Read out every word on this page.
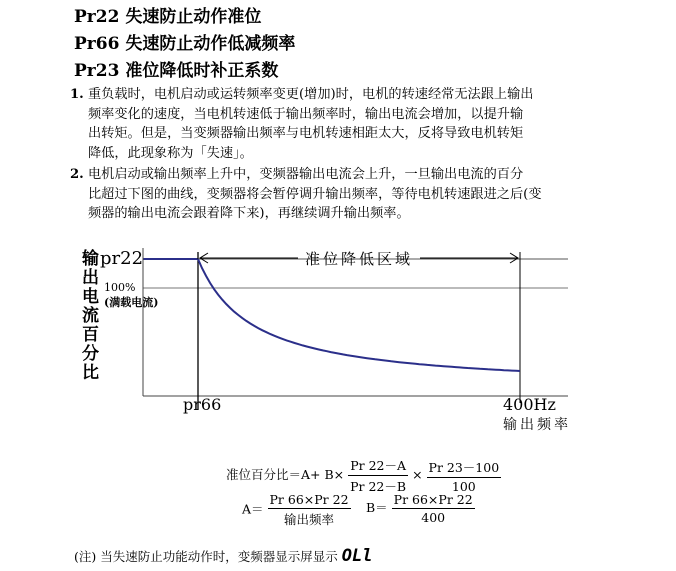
Pr22 失速防止动作准位
Pr66 失速防止动作低减频率
Pr23 准位降低时补正系数
1. 重负载时，电机启动或运转频率变更(增加)时，电机的转速经常无法跟上输出
频率变化的速度，当电机转速低于输出频率时，输出电流会增加，以提升输
出转矩。但是，当变频器输出频率与电机转速相距太大，反将导致电机转矩
降低，此现象称为「失速」。
2. 电机启动或输出频率上升中，变频器输出电流会上升，一旦输出电流的百分
比超过下图的曲线，变频器将会暂停调升输出频率，等待电机转速跟进之后(变
频器的输出电流会跟着降下来)，再继续调升输出频率。
输出电流百分比
pr22
100%
(满载电流)
准位降低区域
pr66	400Hz
输出频率
准位百分比$=A+ B\times \frac{Pr 22-A}{Pr 22-B} \times \frac{Pr 23-100}{100}$
$A= \frac{Pr 66\times Pr 22}{\text{输出频率}} B= \frac{Pr 66\times Pr 22}{400}$
(注) 当失速防止功能动作时，变频器显示屏显示 OLl
